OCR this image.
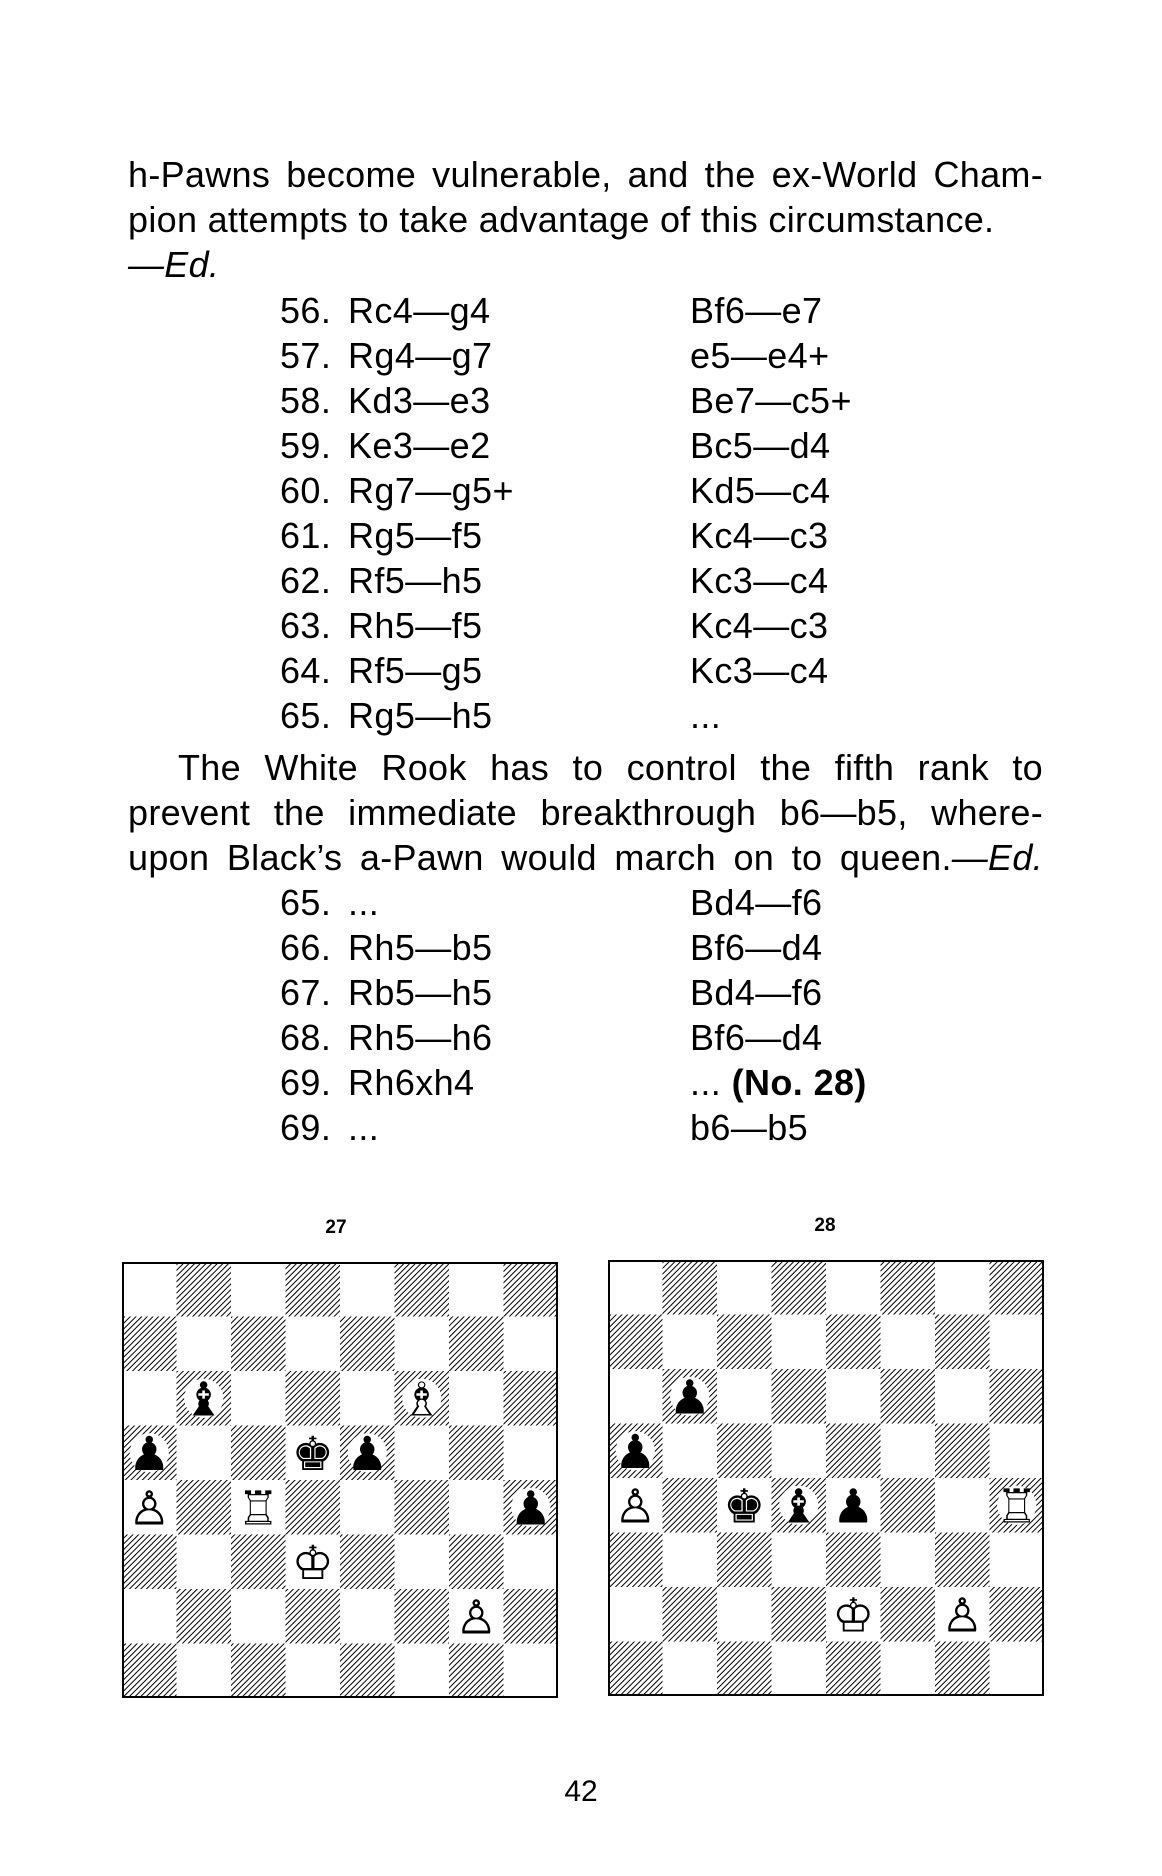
h-Pawns become vulnerable, and the ex-World Cham-
pion attempts to take advantage of this circumstance.
—Ed.
56. Rc4—g4	Bf6—e7
57. Rg4—g7	e5—e4+
58. Kd3—e3	Be7—c5+
59. Ke3—e2	Bc5—d4
60. Rg7—g5+	Kd5—c4
61. Rg5—f5	Kc4—c3
62. Rf5—h5	Kc3—c4
63. Rh5—f5	Kc4—c3
64. Rf5—g5	Kc3—c4
65. Rg5—h5	...
The White Rook has to control the fifth rank to
prevent the immediate breakthrough b6—b5, where-
upon Black’s a-Pawn would march on to queen.—Ed.
65. ...	Bd4—f6
66. Rh5—b5	Bf6—d4
67. Rb5—h5	Bd4—f6
68. Rh5—h6	Bf6—d4
69. Rh6xh4	... (No. 28)
69. ...	b6—b5
27	28
♝	♗
♟	♚ ♟
♙ ♖	♟
♔
♙
♟
♟
♙ ♚ ♝ ♟	♖
♔ ♙
42
